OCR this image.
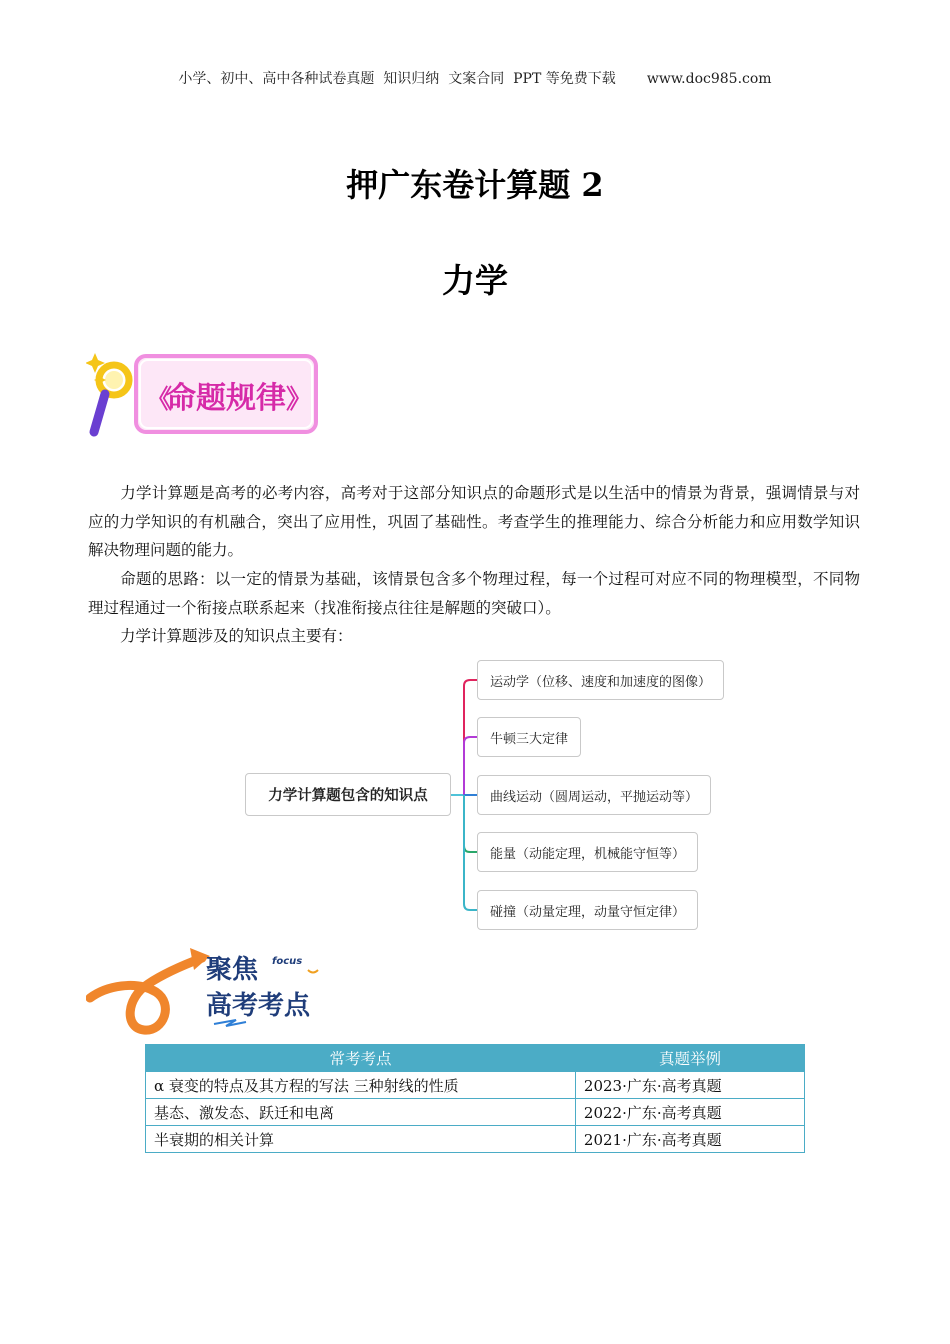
小学、初中、高中各种试卷真题  知识归纳  文案合同  PPT 等免费下载       www.doc985.com
押广东卷计算题 2
力学
《	》
命题规律
力学计算题是高考的必考内容，高考对于这部分知识点的命题形式是以生活中的情景为背景，强调情景与对应的力学知识的有机融合，突出了应用性，巩固了基础性。考查学生的推理能力、综合分析能力和应用数学知识解决物理问题的能力。
命题的思路：以一定的情景为基础，该情景包含多个物理过程，每一个过程可对应不同的物理模型，不同物理过程通过一个衔接点联系起来（找准衔接点往往是解题的突破口）。
力学计算题涉及的知识点主要有：
力学计算题包含的知识点
运动学（位移、速度和加速度的图像）
牛顿三大定律
曲线运动（圆周运动，平抛运动等）
能量（动能定理，机械能守恒等）
碰撞（动量定理，动量守恒定律）
聚焦 focus
高考考点
常考考点	真题举例
α 衰变的特点及其方程的写法 三种射线的性质	2023·广东·高考真题
基态、激发态、跃迁和电离	2022·广东·高考真题
半衰期的相关计算	2021·广东·高考真题
